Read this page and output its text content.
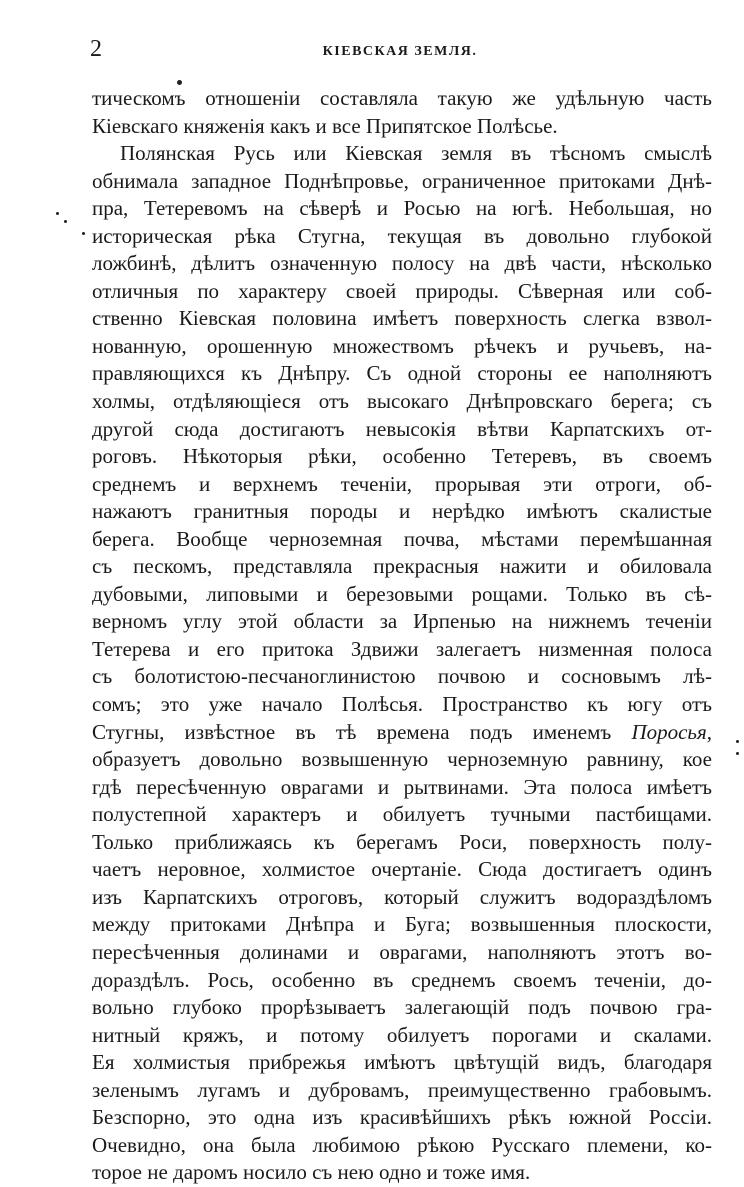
2	КІЕВСКАЯ ЗЕМЛЯ.
тическомъ отношеніи составляла такую же удѣльную часть
Кіевскаго княженія какъ и все Припятское Полѣсье.
Полянская Русь или Кіевская земля въ тѣсномъ смыслѣ
обнимала западное Поднѣпровье, ограниченное притоками Днѣ-
пра, Тетеревомъ на сѣверѣ и Росью на югѣ. Небольшая, но
историческая рѣка Стугна, текущая въ довольно глубокой
ложбинѣ, дѣлитъ означенную полосу на двѣ части, нѣсколько
отличныя по характеру своей природы. Сѣверная или соб-
ственно Кіевская половина имѣетъ поверхность слегка взвол-
нованную, орошенную множествомъ рѣчекъ и ручьевъ, на-
правляющихся къ Днѣпру. Съ одной стороны ее наполняютъ
холмы, отдѣляющіеся отъ высокаго Днѣпровскаго берега; съ
другой сюда достигаютъ невысокія вѣтви Карпатскихъ от-
роговъ. Нѣкоторыя рѣки, особенно Тетеревъ, въ своемъ
среднемъ и верхнемъ теченіи, прорывая эти отроги, об-
нажаютъ гранитныя породы и нерѣдко имѣютъ скалистые
берега. Вообще черноземная почва, мѣстами перемѣшанная
съ пескомъ, представляла прекрасныя нажити и обиловала
дубовыми, липовыми и березовыми рощами. Только въ сѣ-
верномъ углу этой области за Ирпенью на нижнемъ теченіи
Тетерева и его притока Здвижи залегаетъ низменная полоса
съ болотистою-песчаноглинистою почвою и сосновымъ лѣ-
сомъ; это уже начало Полѣсья. Пространство къ югу отъ
Стугны, извѣстное въ тѣ времена подъ именемъ Поросья,
образуетъ довольно возвышенную черноземную равнину, кое
гдѣ пересѣченную оврагами и рытвинами. Эта полоса имѣетъ
полустепной характеръ и обилуетъ тучными пастбищами.
Только приближаясь къ берегамъ Роси, поверхность полу-
чаетъ неровное, холмистое очертаніе. Сюда достигаетъ одинъ
изъ Карпатскихъ отроговъ, который служитъ водораздѣломъ
между притоками Днѣпра и Буга; возвышенныя плоскости,
пересѣченныя долинами и оврагами, наполняютъ этотъ во-
дораздѣлъ. Рось, особенно въ среднемъ своемъ теченіи, до-
вольно глубоко прорѣзываетъ залегающій подъ почвою гра-
нитный кряжъ, и потому обилуетъ порогами и скалами.
Ея холмистыя прибрежья имѣютъ цвѣтущій видъ, благодаря
зеленымъ лугамъ и дубровамъ, преимущественно грабовымъ.
Безспорно, это одна изъ красивѣйшихъ рѣкъ южной Россіи.
Очевидно, она была любимою рѣкою Русскаго племени, ко-
торое не даромъ носило съ нею одно и тоже имя.
